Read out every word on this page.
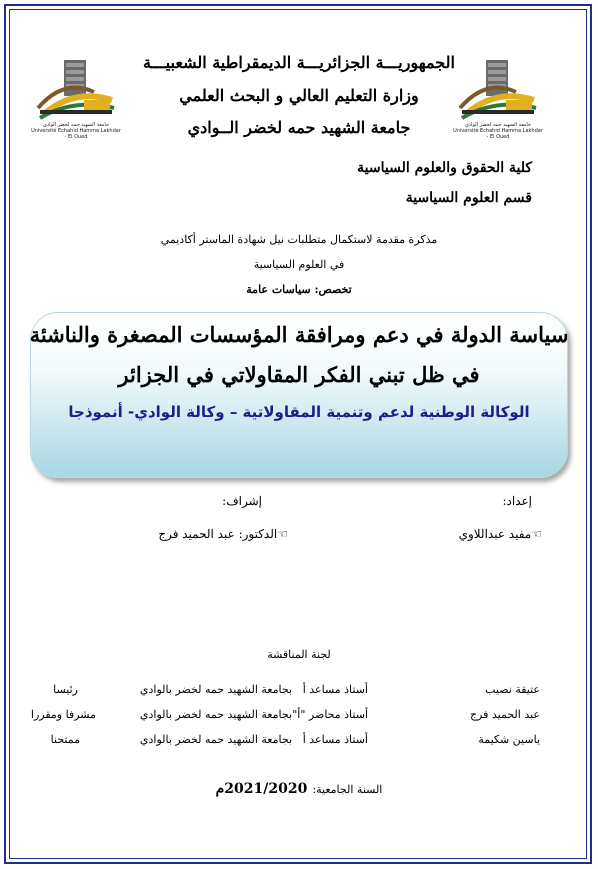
جامعة الشهيد حمه لخضر الوادي
Université Echahid Hamma Lakhdar - El Oued
جامعة الشهيد حمه لخضر الوادي
Université Echahid Hamma Lakhdar - El Oued
الجمهوريـــة الجزائريـــة الديمقراطية الشعبيـــة
وزارة التعليم العالي و البحث العلمي
جامعة الشهيد حمه لخضر الــوادي
كلية الحقوق والعلوم السياسية
قسم العلوم السياسية
مذكرة مقدمة لاستكمال متطلبات نيل شهادة الماستر أكاديمي
في العلوم السياسية
تخصص: سياسات عامة
سياسة الدولة في دعم ومرافقة المؤسسات المصغرة والناشئة
في ظل تبني الفكر المقاولاتي في الجزائر
الوكالة الوطنية لدعم وتنمية المقاولاتية – وكالة الوادي- أنموذجا
إعداد:
إشراف:
☜مفيد عبداللاوي
☜الدكتور: عبد الحميد فرج
لجنة المناقشة
عتيقة نصيب
أستاذ مساعد أ
بجامعة الشهيد حمه لخضر بالوادي
رئيسا
عبد الحميد فرج
أستاذ محاضر "أ"
بجامعة الشهيد حمه لخضر بالوادي
مشرفا ومقررا
ياسين شكيمة
أستاذ مساعد أ
بجامعة الشهيد حمه لخضر بالوادي
ممتحنا
السنة الجامعية: 2021/2020م
